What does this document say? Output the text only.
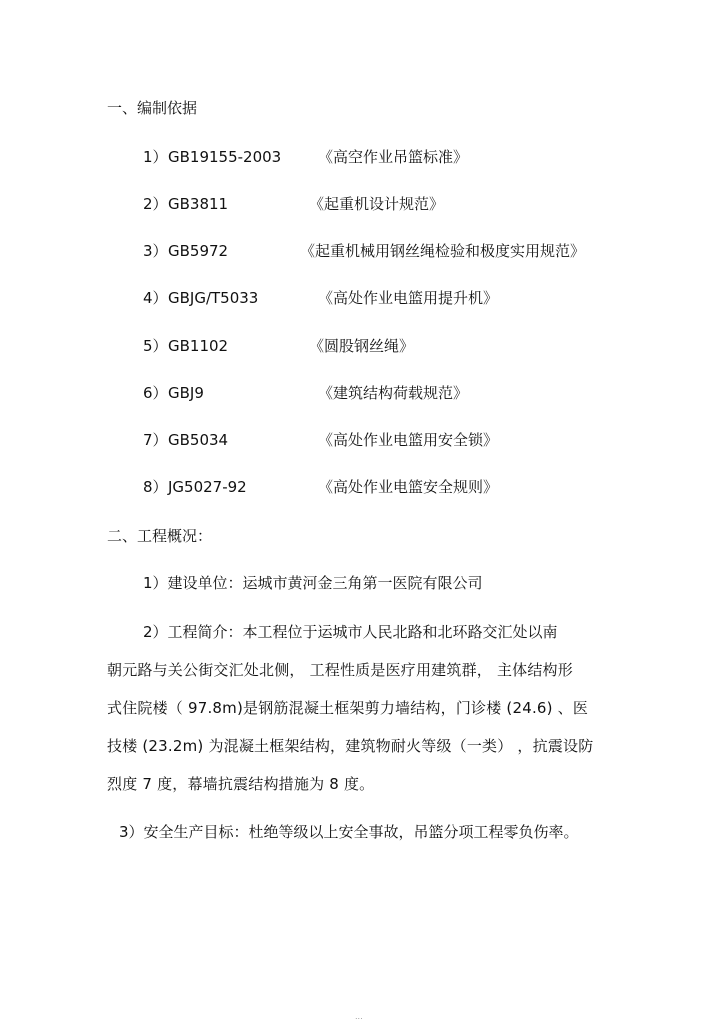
一、编制依据
1） GB19155-2003 《高空作业吊篮标准》
2） GB3811	《起重机设计规范》
3） GB5972	《起重机械用钢丝绳检验和极度实用规范》
4） GBJG/T5033	《高处作业电篮用提升机》
5） GB1102	《圆股钢丝绳》
6） GBJ9	《建筑结构荷载规范》
7） GB5034	《高处作业电篮用安全锁》
8） JG5027-92	《高处作业电篮安全规则》
二、工程概况：
1）建设单位：运城市黄河金三角第一医院有限公司
2）工程简介：本工程位于运城市人民北路和北环路交汇处以南
朝元路与关公街交汇处北侧， 工程性质是医疗用建筑群， 主体结构形
式住院楼（ 97.8m)是钢筋混凝土框架剪力墙结构，门诊楼 (24.6) 、医
技楼 (23.2m) 为混凝土框架结构，建筑物耐火等级（一类） ，抗震设防
烈度 7 度，幕墙抗震结构措施为 8 度。
3）安全生产目标：杜绝等级以上安全事故，吊篮分项工程零负伤率。
...
